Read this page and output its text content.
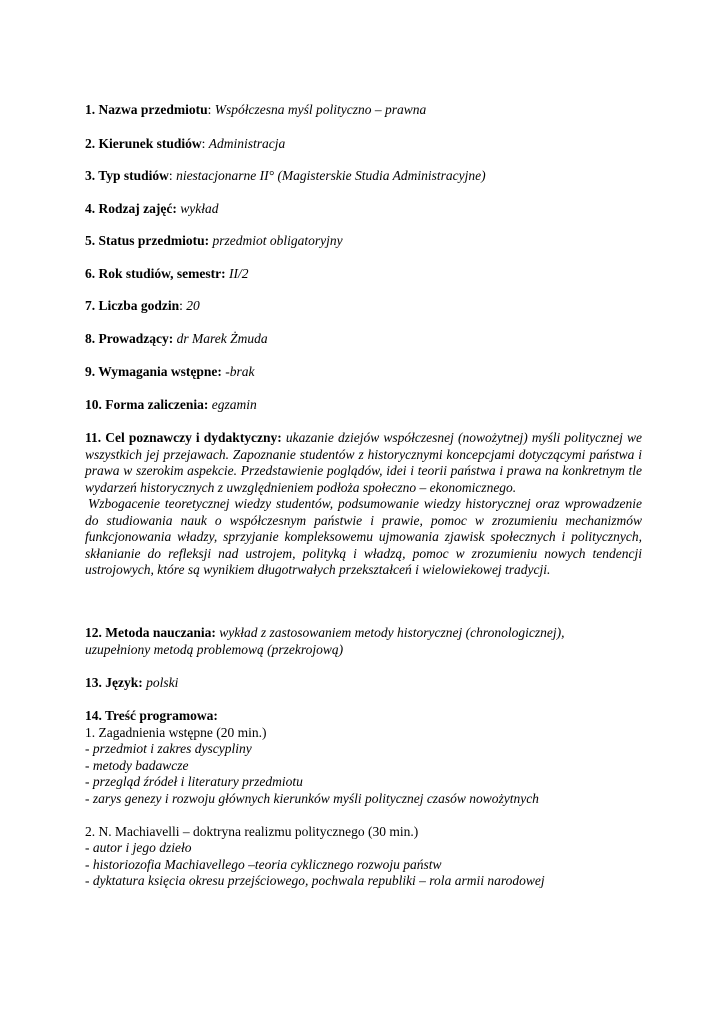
1. Nazwa przedmiotu: Współczesna myśl polityczno – prawna
2. Kierunek studiów: Administracja
3. Typ studiów: niestacjonarne II° (Magisterskie Studia Administracyjne)
4. Rodzaj zajęć: wykład
5. Status przedmiotu: przedmiot obligatoryjny
6. Rok studiów, semestr: II/2
7. Liczba godzin: 20
8. Prowadzący: dr Marek Żmuda
9. Wymagania wstępne: -brak
10. Forma zaliczenia: egzamin
11. Cel poznawczy i dydaktyczny: ukazanie dziejów współczesnej (nowożytnej) myśli politycznej we wszystkich jej przejawach. Zapoznanie studentów z historycznymi koncepcjami dotyczącymi państwa i prawa w szerokim aspekcie. Przedstawienie poglądów, idei i teorii państwa i prawa na konkretnym tle wydarzeń historycznych z uwzględnieniem podłoża społeczno – ekonomicznego.
Wzbogacenie teoretycznej wiedzy studentów, podsumowanie wiedzy historycznej oraz wprowadzenie do studiowania nauk o współczesnym państwie i prawie, pomoc w zrozumieniu mechanizmów funkcjonowania władzy, sprzyjanie kompleksowemu ujmowania zjawisk społecznych i politycznych, skłanianie do refleksji nad ustrojem, polityką i władzą, pomoc w zrozumieniu nowych tendencji ustrojowych, które są wynikiem długotrwałych przekształceń i wielowiekowej tradycji.
12. Metoda nauczania: wykład z zastosowaniem metody historycznej (chronologicznej),
uzupełniony metodą problemową (przekrojową)
13. Język: polski
14. Treść programowa:
1. Zagadnienia wstępne (20 min.)
- przedmiot i zakres dyscypliny
- metody badawcze
- przegląd źródeł i literatury przedmiotu
- zarys genezy i rozwoju głównych kierunków myśli politycznej czasów nowożytnych
2. N. Machiavelli – doktryna realizmu politycznego (30 min.)
- autor i jego dzieło
- historiozofia Machiavellego –teoria cyklicznego rozwoju państw
- dyktatura księcia okresu przejściowego, pochwala republiki – rola armii narodowej
